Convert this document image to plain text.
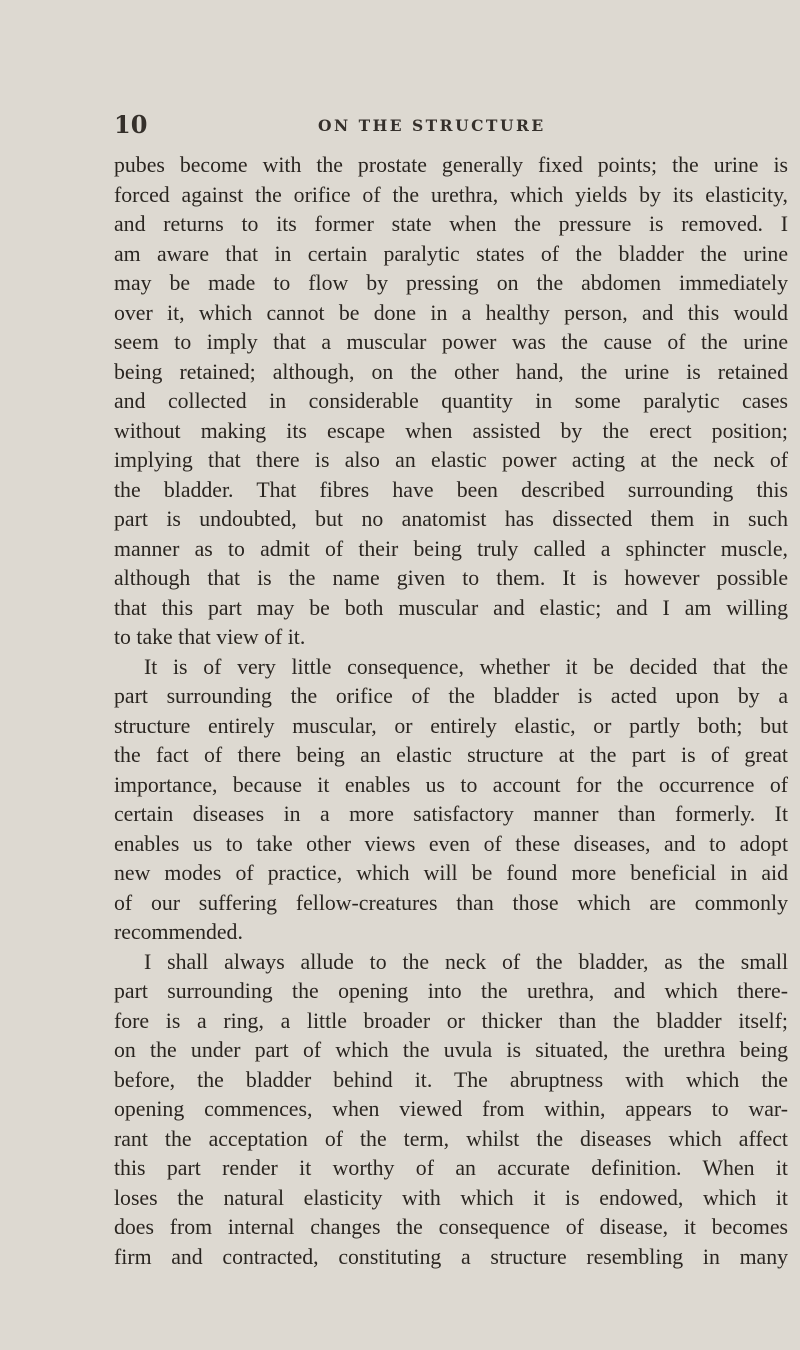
10	ON THE STRUCTURE
pubes become with the prostate generally fixed points; the urine is
forced against the orifice of the urethra, which yields by its elasticity,
and returns to its former state when the pressure is removed. I
am aware that in certain paralytic states of the bladder the urine
may be made to flow by pressing on the abdomen immediately
over it, which cannot be done in a healthy person, and this would
seem to imply that a muscular power was the cause of the urine
being retained; although, on the other hand, the urine is retained
and collected in considerable quantity in some paralytic cases
without making its escape when assisted by the erect position;
implying that there is also an elastic power acting at the neck of
the bladder. That fibres have been described surrounding this
part is undoubted, but no anatomist has dissected them in such
manner as to admit of their being truly called a sphincter muscle,
although that is the name given to them. It is however possible
that this part may be both muscular and elastic; and I am willing
to take that view of it.
It is of very little consequence, whether it be decided that the
part surrounding the orifice of the bladder is acted upon by a
structure entirely muscular, or entirely elastic, or partly both; but
the fact of there being an elastic structure at the part is of great
importance, because it enables us to account for the occurrence of
certain diseases in a more satisfactory manner than formerly. It
enables us to take other views even of these diseases, and to adopt
new modes of practice, which will be found more beneficial in aid
of our suffering fellow-creatures than those which are commonly
recommended.
I shall always allude to the neck of the bladder, as the small
part surrounding the opening into the urethra, and which there-
fore is a ring, a little broader or thicker than the bladder itself;
on the under part of which the uvula is situated, the urethra being
before, the bladder behind it. The abruptness with which the
opening commences, when viewed from within, appears to war-
rant the acceptation of the term, whilst the diseases which affect
this part render it worthy of an accurate definition. When it
loses the natural elasticity with which it is endowed, which it
does from internal changes the consequence of disease, it becomes
firm and contracted, constituting a structure resembling in many
